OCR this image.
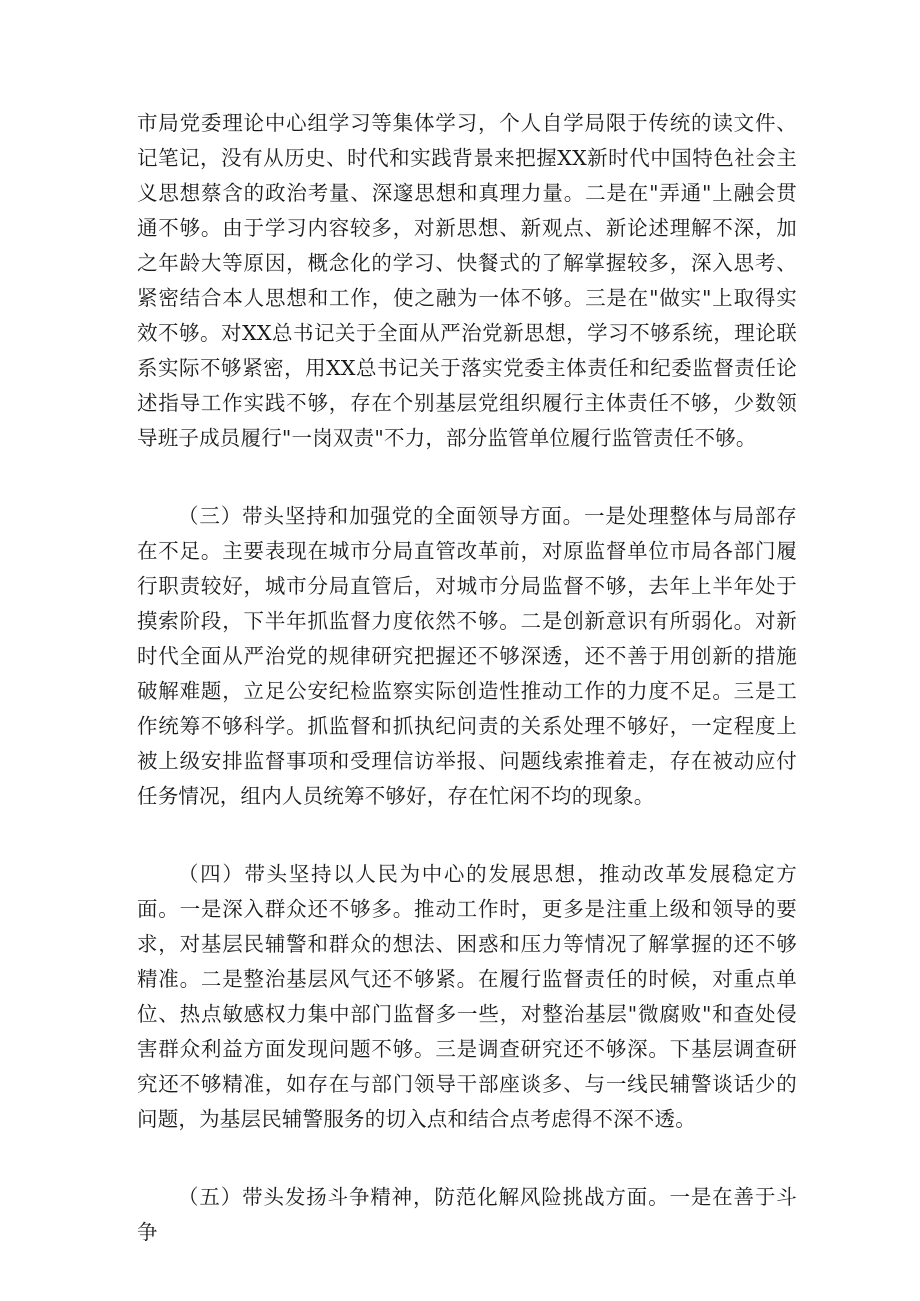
市局党委理论中心组学习等集体学习，个人自学局限于传统的读文件、记笔记，没有从历史、时代和实践背景来把握XX新时代中国特色社会主义思想蔡含的政治考量、深邃思想和真理力量。二是在"弄通"上融会贯通不够。由于学习内容较多，对新思想、新观点、新论述理解不深，加之年龄大等原因，概念化的学习、快餐式的了解掌握较多，深入思考、紧密结合本人思想和工作，使之融为一体不够。三是在"做实"上取得实效不够。对XX总书记关于全面从严治党新思想，学习不够系统，理论联系实际不够紧密，用XX总书记关于落实党委主体责任和纪委监督责任论述指导工作实践不够，存在个别基层党组织履行主体责任不够，少数领导班子成员履行"一岗双责"不力，部分监管单位履行监管责任不够。

（三）带头坚持和加强党的全面领导方面。一是处理整体与局部存在不足。主要表现在城市分局直管改革前，对原监督单位市局各部门履行职责较好，城市分局直管后，对城市分局监督不够，去年上半年处于摸索阶段，下半年抓监督力度依然不够。二是创新意识有所弱化。对新时代全面从严治党的规律研究把握还不够深透，还不善于用创新的措施破解难题，立足公安纪检监察实际创造性推动工作的力度不足。三是工作统筹不够科学。抓监督和抓执纪问责的关系处理不够好，一定程度上被上级安排监督事项和受理信访举报、问题线索推着走，存在被动应付任务情况，组内人员统筹不够好，存在忙闲不均的现象。

（四）带头坚持以人民为中心的发展思想，推动改革发展稳定方面。一是深入群众还不够多。推动工作时，更多是注重上级和领导的要求，对基层民辅警和群众的想法、困惑和压力等情况了解掌握的还不够精准。二是整治基层风气还不够紧。在履行监督责任的时候，对重点单位、热点敏感权力集中部门监督多一些，对整治基层"微腐败"和查处侵害群众利益方面发现问题不够。三是调查研究还不够深。下基层调查研究还不够精准，如存在与部门领导干部座谈多、与一线民辅警谈话少的问题，为基层民辅警服务的切入点和结合点考虑得不深不透。

（五）带头发扬斗争精神，防范化解风险挑战方面。一是在善于斗争
